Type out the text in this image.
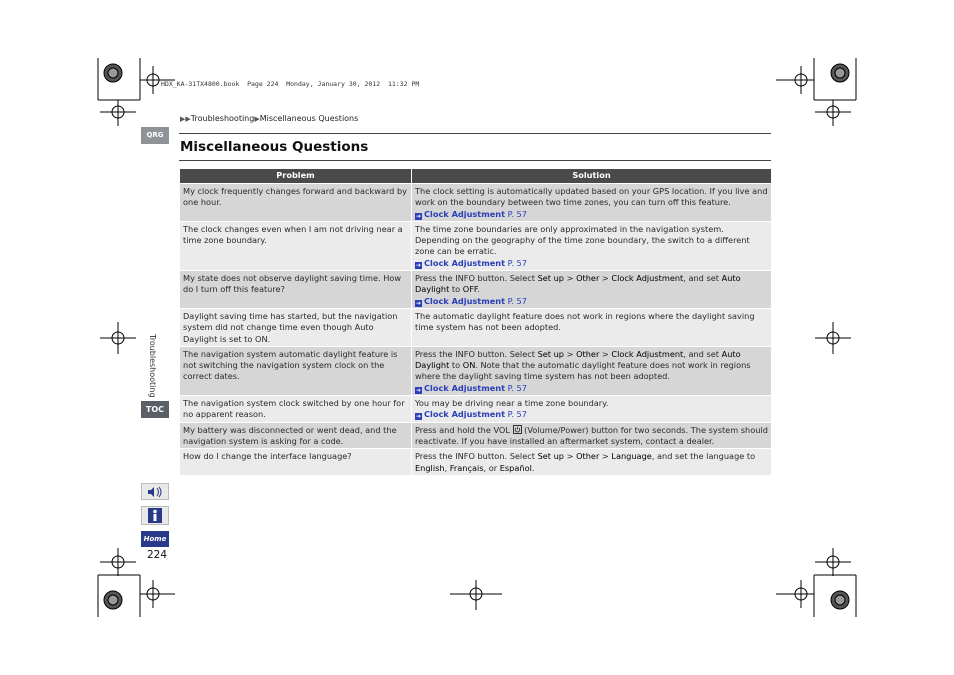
HDX_KA-31TX4800.book  Page 224  Monday, January 30, 2012  11:32 PM
▶▶Troubleshooting▶Miscellaneous Questions
Miscellaneous Questions
QRG
Troubleshooting
TOC
Home
224
Problem	Solution
My clock frequently changes forward and backward by one hour.	The clock setting is automatically updated based on your GPS location. If you live and work on the boundary between two time zones, you can turn off this feature.
➔ Clock Adjustment P. 57

The clock changes even when I am not driving near a time zone boundary.	The time zone boundaries are only approximated in the navigation system. Depending on the geography of the time zone boundary, the switch to a different zone can be erratic.
➔ Clock Adjustment P. 57

My state does not observe daylight saving time. How do I turn off this feature?	Press the INFO button. Select Set up > Other > Clock Adjustment, and set Auto Daylight to OFF.
➔ Clock Adjustment P. 57

Daylight saving time has started, but the navigation system did not change time even though Auto Daylight is set to ON.	The automatic daylight feature does not work in regions where the daylight saving time system has not been adopted.
The navigation system automatic daylight feature is not switching the navigation system clock on the correct dates.	Press the INFO button. Select Set up > Other > Clock Adjustment, and set Auto Daylight to ON. Note that the automatic daylight feature does not work in regions where the daylight saving time system has not been adopted.
➔ Clock Adjustment P. 57

The navigation system clock switched by one hour for no apparent reason.	You may be driving near a time zone boundary.
➔ Clock Adjustment P. 57

My battery was disconnected or went dead, and the navigation system is asking for a code.	Press and hold the VOL  (Volume/Power) button for two seconds. The system should reactivate. If you have installed an aftermarket system, contact a dealer.
How do I change the interface language?	Press the INFO button. Select Set up > Other > Language, and set the language to English, Français, or Español.
